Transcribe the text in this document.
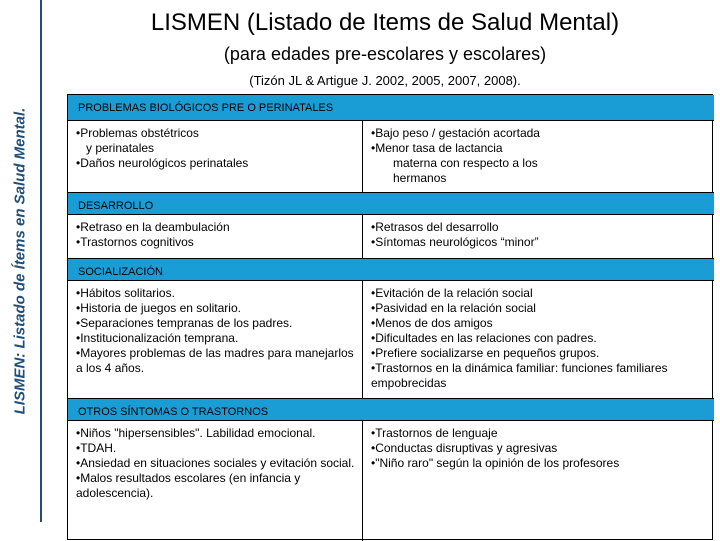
LISMEN: Listado de Ítems en Salud Mental.
LISMEN (Listado de Items de Salud Mental)
(para edades pre-escolares y escolares)
(Tizón JL & Artigue J. 2002, 2005, 2007, 2008).
PROBLEMAS BIOLÓGICOS PRE O PERINATALES

•Problemas obstétricos

y perinatales

•Daños neurológicos perinatales

•Bajo peso / gestación acortada

•Menor tasa de lactancia

materna con respecto a los

hermanos

DESARROLLO

•Retraso en la deambulación

•Trastornos cognitivos

•Retrasos del desarrollo

•Síntomas neurológicos “minor”

SOCIALIZACIÓN

•Hábitos solitarios.

•Historia de juegos en solitario.

•Separaciones tempranas de los padres.

•Institucionalización temprana.

•Mayores problemas de las madres para manejarlos a los 4 años.

•Evitación de la relación social

•Pasividad en la relación social

•Menos de dos amigos

•Dificultades en las relaciones con padres.

•Prefiere socializarse en pequeños grupos.

•Trastornos en la dinámica familiar: funciones familiares empobrecidas

OTROS SÍNTOMAS O TRASTORNOS

•Niños "hipersensibles". Labilidad emocional.

•TDAH.

•Ansiedad en situaciones sociales y evitación social.

•Malos resultados escolares (en infancia y adolescencia).

•Trastornos de lenguaje

•Conductas disruptivas y agresivas

•"Niño raro" según la opinión de los profesores
